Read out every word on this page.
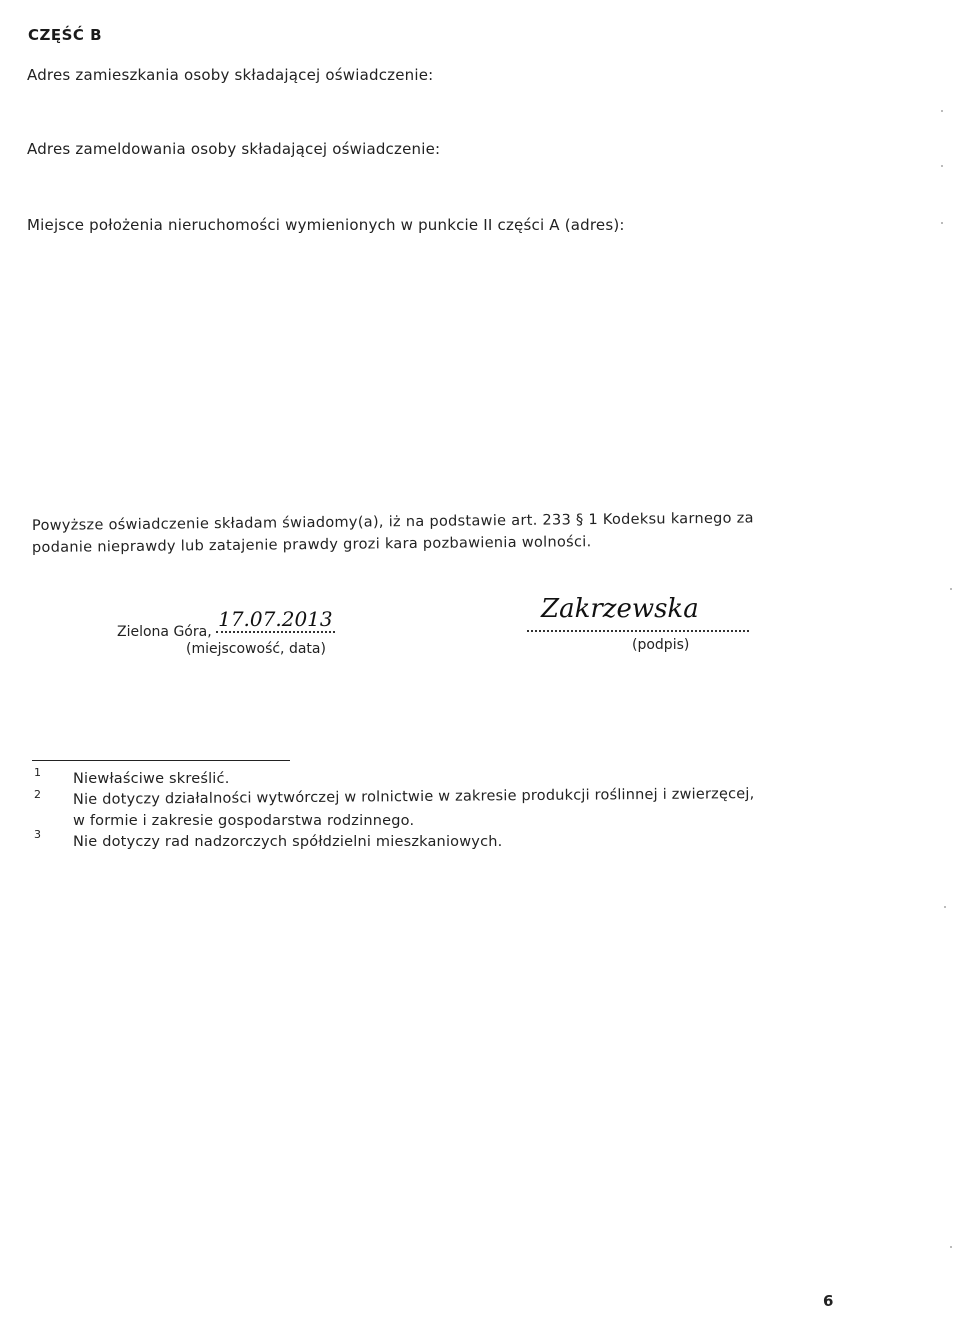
CZĘŚĆ B
Adres zamieszkania osoby składającej oświadczenie:
Adres zameldowania osoby składającej oświadczenie:
Miejsce położenia nieruchomości wymienionych w punkcie II części A (adres):
Powyższe oświadczenie składam świadomy(a), iż na podstawie art. 233 § 1 Kodeksu karnego za
podanie nieprawdy lub zatajenie prawdy grozi kara pozbawienia wolności.
Zielona Góra, 17.07.2013
(miejscowość, data)
Zakrzewska
(podpis)
1 Niewłaściwe skreślić.
2 Nie dotyczy działalności wytwórczej w rolnictwie w zakresie produkcji roślinnej i zwierzęcej,
w formie i zakresie gospodarstwa rodzinnego.
3 Nie dotyczy rad nadzorczych spółdzielni mieszkaniowych.
6
